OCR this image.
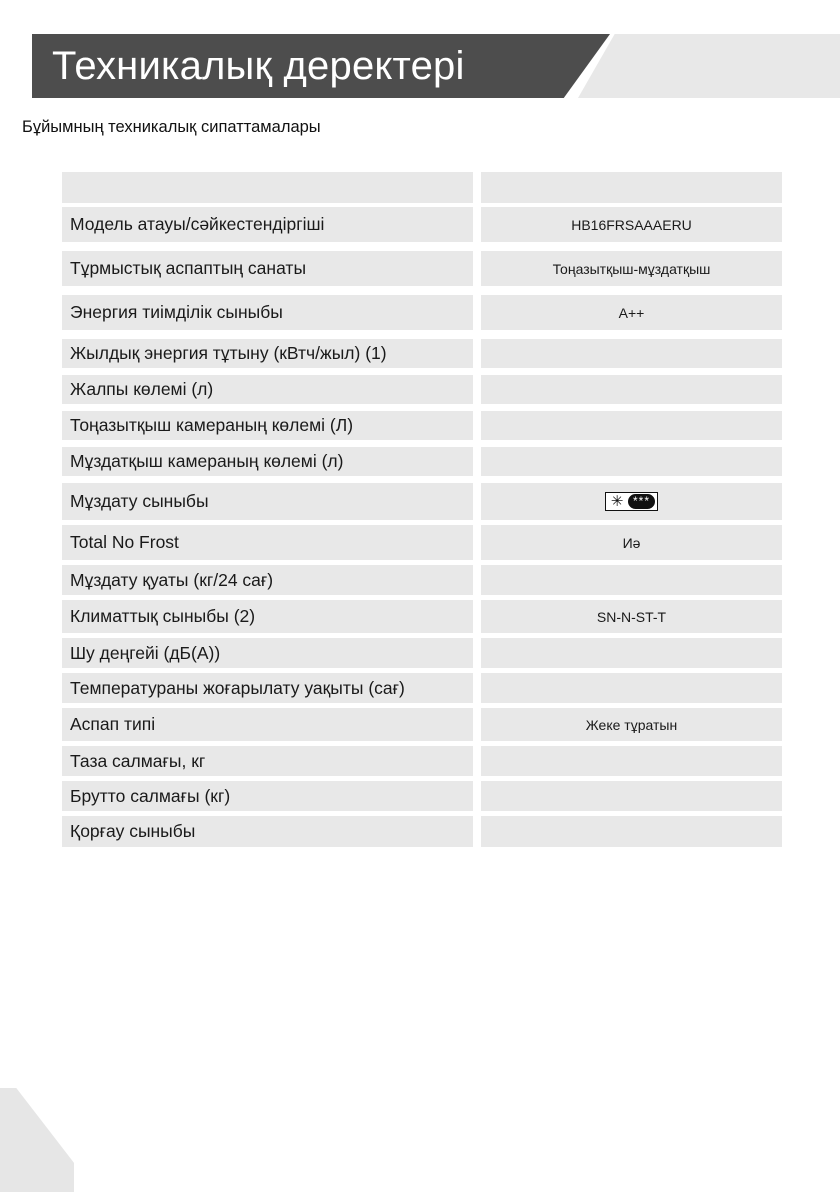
Техникалық деректері

Бұйымның техникалық сипаттамалары

Модель атауы/сәйкестендіргіші	HB16FRSAAAERU
Тұрмыстық аспаптың санаты	Тоңазытқыш-мұздатқыш
Энергия тиімділік сыныбы	A++
Жылдық энергия тұтыну (кВтч/жыл) (1)
Жалпы көлемі (л)
Тоңазытқыш камераның көлемі (Л)
Мұздатқыш камераның көлемі (л)
Мұздату сыныбы	✳ ***
Total No Frost	Иә
Мұздату қуаты (кг/24 сағ)
Климаттық сыныбы (2)	SN-N-ST-T
Шу деңгейі (дБ(А))
Температураны жоғарылату уақыты (сағ)
Аспап типі	Жеке тұратын
Таза салмағы, кг
Брутто салмағы (кг)
Қорғау сыныбы
